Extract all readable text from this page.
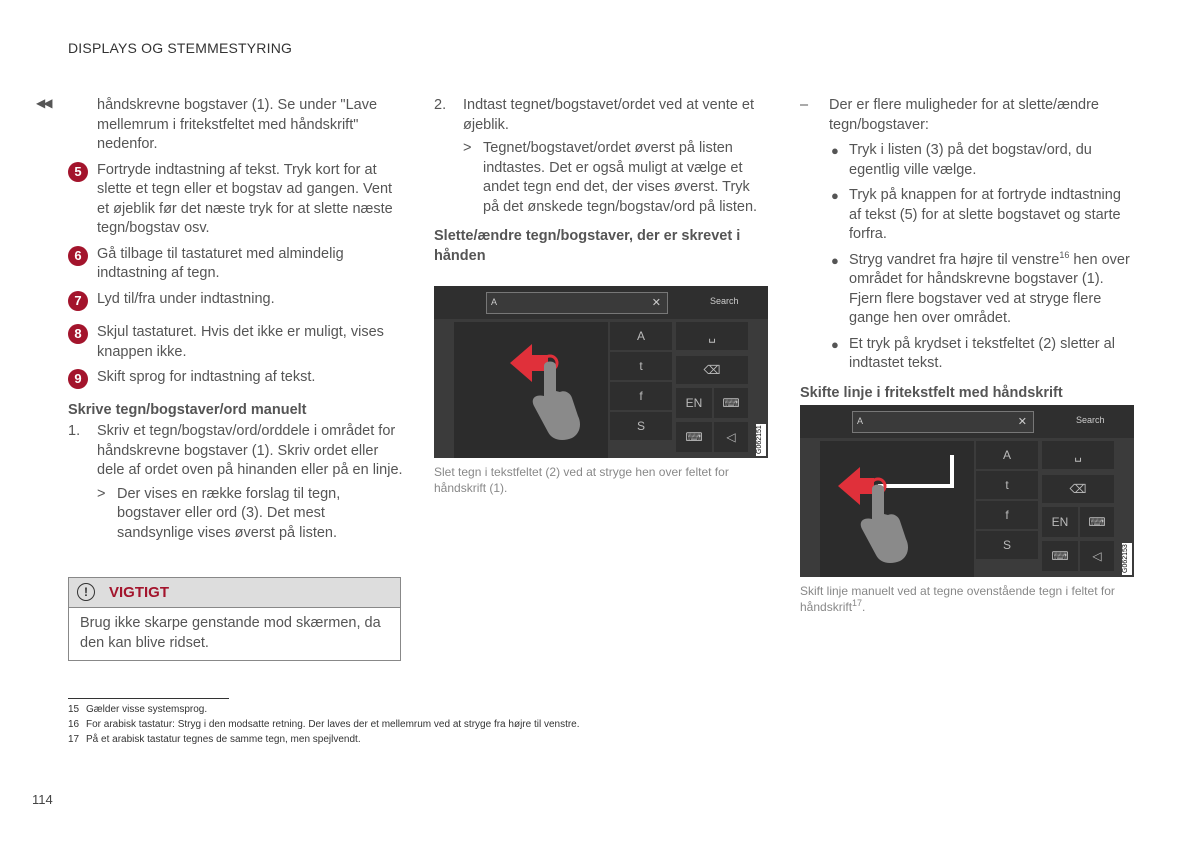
DISPLAYS OG STEMMESTYRING
◀◀	håndskrevne bogstaver (1). Se under "Lave mellemrum i fritekstfeltet med håndskrift" nedenfor.
5	Fortryde indtastning af tekst. Tryk kort for at slette et tegn eller et bogstav ad gangen. Vent et øjeblik før det næste tryk for at slette næste tegn/bogstav osv.
6	Gå tilbage til tastaturet med almindelig indtastning af tegn.
7	Lyd til/fra under indtastning.
8	Skjul tastaturet. Hvis det ikke er muligt, vises knappen ikke.
9	Skift sprog for indtastning af tekst.
Skrive tegn/bogstaver/ord manuelt
1. Skriv et tegn/bogstav/ord/orddele i området for håndskrevne bogstaver (1). Skriv ordet eller dele af ordet oven på hinanden eller på en linje.
> Der vises en række forslag til tegn, bogstaver eller ord (3). Det mest sandsynlige vises øverst på listen.
!	VIGTIGT
Brug ikke skarpe genstande mod skærmen, da den kan blive ridset.
2. Indtast tegnet/bogstavet/ordet ved at vente et øjeblik.
> Tegnet/bogstavet/ordet øverst på listen indtastes. Det er også muligt at vælge et andet tegn end det, der vises øverst. Tryk på det ønskede tegn/bogstav/ord på listen.
Slette/ændre tegn/bogstaver, der er skrevet i hånden
A	✕	Search
A
t
f
S
␣
⌫
EN	⌨
⌨	◁	G062151
Slet tegn i tekstfeltet (2) ved at stryge hen over feltet for håndskrift (1).
– Der er flere muligheder for at slette/ændre tegn/bogstaver:
● Tryk i listen (3) på det bogstav/ord, du egentlig ville vælge.
● Tryk på knappen for at fortryde indtastning af tekst (5) for at slette bogstavet og starte forfra.
● Stryg vandret fra højre til venstre$^{16}$ hen over området for håndskrevne bogstaver (1). Fjern flere bogstaver ved at stryge flere gange hen over området.
● Et tryk på krydset i tekstfeltet (2) sletter al indtastet tekst.
Skifte linje i fritekstfelt med håndskrift
A	✕	Search
A
t
f
S
␣
⌫
EN	⌨
⌨	◁	G062153
Skift linje manuelt ved at tegne ovenstående tegn i feltet for håndskrift$^{17}$.
15 Gælder visse systemsprog.
16 For arabisk tastatur: Stryg i den modsatte retning. Der laves der et mellemrum ved at stryge fra højre til venstre.
17 På et arabisk tastatur tegnes de samme tegn, men spejlvendt.
114
